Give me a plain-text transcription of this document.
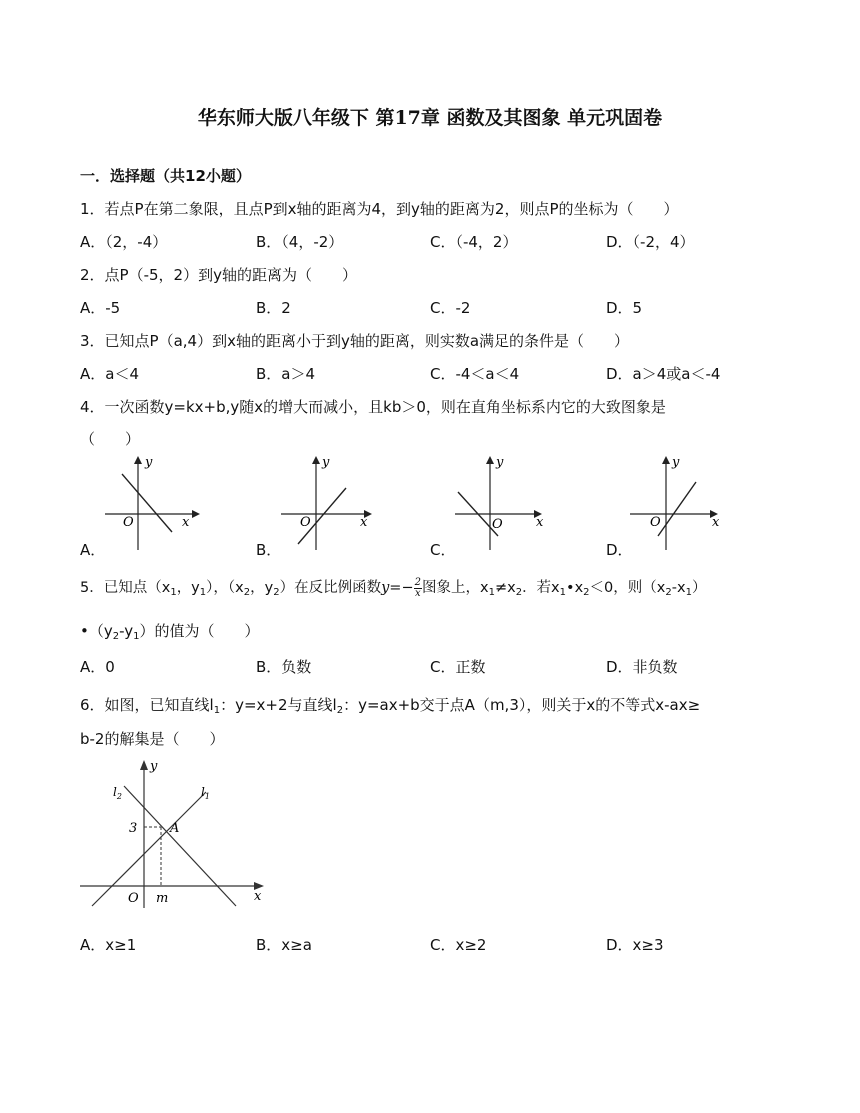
华东师大版八年级下 第17章 函数及其图象 单元巩固卷
一．选择题（共12小题）
1．若点P在第二象限，且点P到x轴的距离为4，到y轴的距离为2，则点P的坐标为（　　）
A．（2，-4）	B．（4，-2）	C．（-4，2）	D．（-2，4）
2．点P（-5，2）到y轴的距离为（　　）
A．-5	B．2	C．-2	D．5
3．已知点P（a,4）到x轴的距离小于到y轴的距离，则实数a满足的条件是（　　）
A．a＜4	B．a＞4	C．-4＜a＜4	D．a＞4或a＜-4
4．一次函数y=kx+b,y随x的增大而减小，且kb＞0，则在直角坐标系内它的大致图象是
（　　）
y
x
O
y
x
O
y
x
O
y
x
O
A．	B．	C．	D．
5．已知点（$x_1$，$y_1$），（$x_2$，$y_2$）在反比例函数$y=- \frac{2}{x}$ 图象上，$x_1\ne x_2$．若$x_1•x_2<0$，则$(x_2-x_1)$
$•(y_2-y_1)$的值为（　　）
A．0	B．负数	C．正数	D．非负数
6．如图，已知直线$l_1$：y=x+2与直线$l_2$：y=ax+b交于点A（m,3），则关于x的不等式x-ax≥
b-2的解集是（　　）
$l_2$	$l_1$
3	A
O m	x
y
A．x≥1	B．x≥a	C．x≥2	D．x≥3
